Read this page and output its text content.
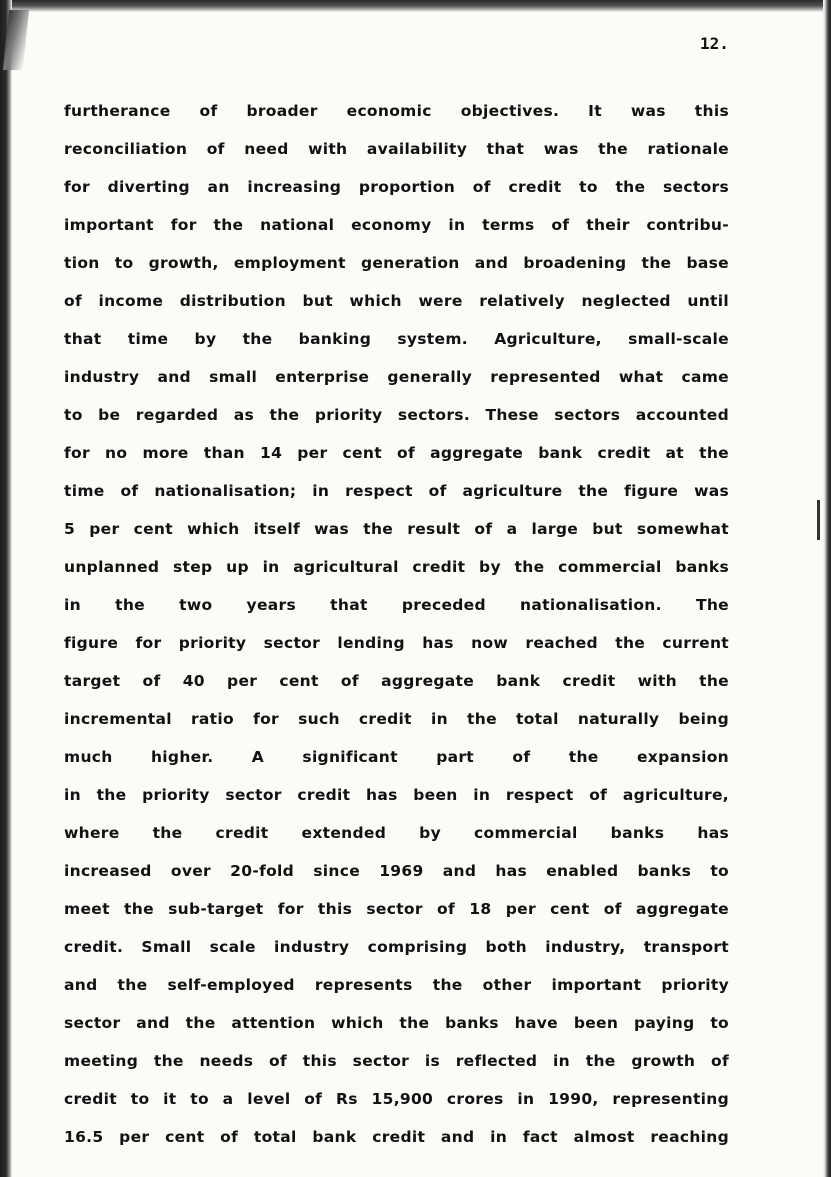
12.
furtherance of broader economic objectives. It was this
reconciliation of need with availability that was the rationale
for diverting an increasing proportion of credit to the sectors
important for the national economy in terms of their contribu-
tion to growth, employment generation and broadening the base
of income distribution but which were relatively neglected until
that time by the banking system. Agriculture, small-scale
industry and small enterprise generally represented what came
to be regarded as the priority sectors. These sectors accounted
for no more than 14 per cent of aggregate bank credit at the
time of nationalisation; in respect of agriculture the figure was
5 per cent which itself was the result of a large but somewhat
unplanned step up in agricultural credit by the commercial banks
in the two years that preceded nationalisation. The
figure for priority sector lending has now reached the current
target of 40 per cent of aggregate bank credit with the
incremental ratio for such credit in the total naturally being
much higher. A significant part of the expansion
in the priority sector credit has been in respect of agriculture,
where the credit extended by commercial banks has
increased over 20-fold since 1969 and has enabled banks to
meet the sub-target for this sector of 18 per cent of aggregate
credit. Small scale industry comprising both industry, transport
and the self-employed represents the other important priority
sector and the attention which the banks have been paying to
meeting the needs of this sector is reflected in the growth of
credit to it to a level of Rs 15,900 crores in 1990, representing
16.5 per cent of total bank credit and in fact almost reaching
